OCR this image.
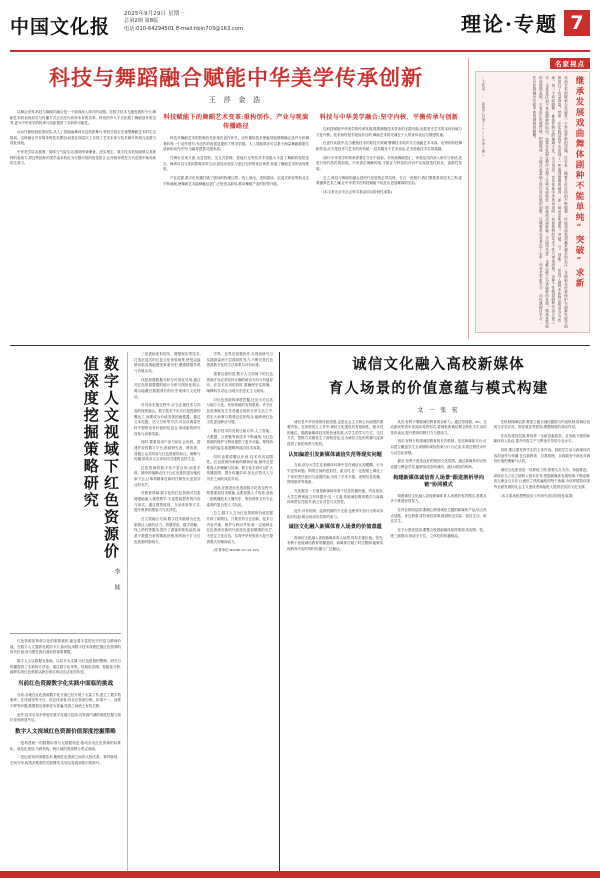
中国文化报
2025年9月29日 星期一
总第2期 第8版
电话:010-64294501 E-mail:hbin703@163.com	理论·专题 7
科技与舞蹈融合赋能中华美学传承创新
王 莎 金 浩

以舞会世界,科技与舞蹈的融合是一个值得深入探讨的话题。在数字技术飞速发展的今天,舞蹈艺术的表现形式与传播方式正在经历前所未有的变革。科技的介入不仅拓展了舞蹈创作的边界,更为中华美学的传承与创新提供了全新的可能性。

从动作捕捉到虚拟现实,从人工智能编舞到全息投影舞台,科技手段正在重塑舞蹈艺术的生态格局。这种融合并非简单的技术叠加,而是在深层次上实现了艺术本体与技术媒介的相互渗透与彼此成就。

中华美学讲求意境、韵味与气韵生动,强调形神兼备、虚实相生。数字技术恰恰能够以其独特的表现力,将这些抽象的美学追求转化为可感可知的视觉语言,让传统审美在当代语境中焕发新的生命力。

科技赋能下的舞蹈艺术变革:重构创作、产业与观演传播路径

科技对舞蹈艺术的影响首先体现在创作环节。动作捕捉技术使编导能够精确记录并分析舞者的每一个动作细节,为动作的再创造提供了科学依据。人工智能算法可以基于海量舞蹈数据生成新的动作序列,为编导提供灵感来源。

在舞台呈现方面,全息投影、交互式影像、智能灯光等技术手段极大丰富了舞蹈的视觉语言。舞者可以与虚拟影像实时互动,创造出现实与虚幻交织的奇幻场景,拓展了舞蹈艺术的表现维度。

产业层面,数字化传播打破了剧场的物理边界。线上演出、虚拟剧场、沉浸式体验等新业态不断涌现,使舞蹈艺术能够触达更广泛的受众群体,推动舞蹈产业的转型升级。

科技与中华美学融合:坚守内核、平衡传承与创新

以科技赋能中华美学的传承发展,既要拥抱技术带来的无限可能,也要坚守艺术的本体价值与文化内核。技术始终是手段而非目的,舞蹈艺术的灵魂在于人的身体表达与情感传递。

在创作实践中,应当避免技术的炫技式堆砌,警惕技术喧宾夺主遮蔽艺术本真。优秀的科技舞蹈作品,应当是技术与艺术的有机统一,技术服务于艺术表达,艺术借助技术实现超越。

同时,中华美学的传承需要在守正中创新。对传统舞蹈语汇、审美范式的深入研究与体悟,是进行现代转化的前提。只有真正理解传统,才能在与科技的对话中实现创造性转化、创新性发展。

总之,科技与舞蹈的融合是时代发展的必然趋势。在这一进程中,我们既要善用技术之利,更要涵养艺术之魂,让中华美学在科技赋能下绽放出更加璀璨的光彩。

(本文系北京市社会科学基金项目阶段性成果)

名家视点
继承发展戏曲舞体剧种不能单纯“突破”求新
戏曲艺术的继承与发展是一个常说常新的话题。近年来,随着文化自信的不断增强,传统戏曲受到越来越多的关注,各剧种在传承保护与创新发展方面都进行了有益探索。然而,在实践过程中也出现了一些值得警惕的倾向,即一味追求所谓的“突破”与“创新”,忽视了剧种本体特征的坚守与传承。每一个戏曲剧种,都是在特定的地域文化、方言语音、音乐体系中孕育形成的,有着独特的艺术个性与审美品格。这种个性既是剧种安身立命之本,也是其区别于其他剧种的标识。如果在发展过程中丢掉了这些本质特征,即便形式再新颖、手段再先进,也难以称之为该剧种的发展。继承是发展的前提和基础。只有真正吃透传统、把握规律,才能在此基础上进行有价值的创新。这就要求从业者沉下心来,向老艺术家学习,向经典剧目学习,在反复的舞台实践中体悟剧种的精髓。
(王松瑶 | 新闻中心记者2025年第3期)
数字人文视域下红色资源价值深度挖掘策略研究
李 妹

红色资源是革命文化的重要载体,蕴含着丰富的历史信息与精神价值。在数字人文蓬勃发展的今天,如何运用数字技术深度挖掘红色资源的时代价值,成为摆在我们面前的重要课题。

数字人文以数据为基础、以技术为支撑,为红色资源的整理、研究与传播提供了全新的方法论。通过数字化采集、结构化存储、智能化分析,能够实现红色资源从静态保存到动态活化的转变。

当前红色资源数字化实践中面临的挑战

当前,各地在红色资源数字化方面已经开展了大量工作,建立了数字档案库、在线展馆等平台。但总体来看,仍存在资源分散、标准不一、深度不够等问题,数据孤岛现象较为普遍,资源之间缺乏有机关联。

此外,技术应用多停留在数字化展示层面,对资源内涵的深度挖掘与知识发现尚显不足。

数字人文视域红色资源价值深度挖掘策略

一是构建统一的数据标准与元数据规范,推动各类红色资源的标准化、规范化建设,为跨机构、跨区域的资源整合奠定基础。

二是运用知识图谱技术,梳理红色资源之间的人物关系、事件脉络、空间分布,构建多维度的关联网络,实现从资源到知识的跃升。

三是借助虚拟现实、增强现实等技术,打造沉浸式的红色文化体验场景,使受众能够身临其境地感受革命历史,增强情感共鸣与价值认同。

四是加强数据分析与可视化呈现,通过对红色资源数据的统计分析与图形化展示,揭示隐藏在数据背后的历史规律与文化特征。

在具体实施过程中,应当注重技术与内容的深度融合。数字技术不应仅仅是资源的搬运工,而要成为价值发现的助推器。通过文本挖掘、语义分析等方法,可以从海量史料中提炼出有价值的信息点,形成新的研究视角与叙事线索。

同时,要重视用户参与和社会协同。搭建开放的数字平台,鼓励研究者、教育者、普通公众共同参与红色资源的标注、阐释与传播,形成多元主体协同共建的良好生态。

红色资源的数字化不是目的,而是手段。最终的落脚点在于让红色基因更好地传承下去,让革命精神在新时代焕发出更加夺目的光芒。

在教育领域,数字化的红色资源可以更便捷地融入课堂教学,丰富思政教育的内容与形式。通过情景再现、互动体验等方式,提升教育的感染力与实效性。

在文旅融合方面,数字技术能够为红色旅游注入新的活力。智慧导览、数字讲解、线上预约等服务,提升了游客的体验品质;而基于数据分析的精准营销,则有助于扩大红色旅游的影响力。

学界、业界应加强协作,在理论研究与实践探索两个层面同时发力,不断完善红色资源数字化的方法体系与评价标准。

需要注意的是,数字人文视域下的红色资源开发必须坚持正确的政治方向与价值导向。在技术应用的同时,要确保史实准确、阐释科学,防止出现历史虚无主义倾向。

对红色资源的深度挖掘,还应当关注其与地方文化、民俗传统的有机联系。许多红色故事就发生在普通百姓的日常生活之中,将宏大叙事与微观记忆相结合,能够使红色文化更加鲜活可感。

数字技术的发展日新月异,人工智能、大数据、区块链等新技术不断涌现,为红色资源的保护与利用提供了更多可能。要保持开放的姿态,积极吸纳前沿技术成果。

同时也要清醒认识到,技术有其局限性。红色资源所承载的精神价值,最终还是要靠人的理解与传承。数字化手段可以扩大传播范围、提升传播效率,但无法替代人与历史之间的深层对话。

因此,在推进红色资源数字化的过程中,既要重视技术赋能,也要加强人才培养,造就一批既懂技术又懂历史、既有情怀又有专业素养的复合型人才队伍。

总之,数字人文为红色资源的价值挖掘开辟了新路径。只要坚持守正创新、技术与内容并重、保护与利用并举,就一定能够让红色资源在新时代绽放出更加璀璨的光芒,为坚定文化自信、实现中华民族伟大复兴提供强大的精神动力。

(作者单位:HSNBJ-ZC123-195)

诚信文化融入高校新媒体
育人场景的价值意蕴与模式构建
文 一 张 宏

诚信是中华民族的传统美德,也是社会主义核心价值观的重要内容。在高校育人工作中,诚信文化建设具有基础性、根本性的地位。随着新媒体技术的快速发展,大学生的学习方式、交往方式、思维方式都发生了深刻变化,这为诚信文化的传播与浸润提供了新的场景与契机。

认知偏差引发新媒体诚信失范等现实问题

当前,部分大学生在新媒体环境中存在诚信认知模糊、行为失范等问题。网络空间的虚拟性、匿名性,在一定程度上弱化了个体的责任意识与道德约束,出现了学术不端、虚假信息传播、网络欺诈等现象。

究其原因,一方面是新媒体环境下信息传播快速、内容庞杂,大学生辨别能力有待提升;另一方面,传统诚信教育模式与新媒体场景存在脱节,缺乏针对性与实效性。

此外,评价机制、监督机制的不完善,也使得失信行为的成本相对较低,难以形成有效的约束力。

诚信文化融入新媒体育人场景的价值意蕴

将诚信文化融入高校新媒体育人场景,具有多重价值。首先,有利于拓展诚信教育的覆盖面。新媒体打破了时空限制,能够实现教育内容的即时传播与广泛触达。

其次,有利于增强诚信教育的亲和力。通过短视频、H5、互动游戏等青年喜闻乐见的形式,将抽象的诚信理念转化为生动的具体表达,提升教育的吸引力与感染力。

再次,有利于构建诚信教育的长效机制。依托新媒体平台,可以建立覆盖学生全周期的诚信档案与行为记录,实现过程性评价与动态化管理。

最后,有利于营造良好的校园文化氛围。通过新媒体的议程设置与舆论引导,能够形成崇尚诚信、践行诚信的风尚。

构建新媒体诚信育人场景“跟进剖析导向链”协同模式

构建诚信文化融入高校新媒体育人场景的有效模式,需要从多个维度协同发力。

在内容供给层面,要精心策划诚信主题的新媒体产品,结合热点话题、身边典型,讲好诚信故事,做到贴近实际、贴近生活、贴近学生。

在平台建设层面,要整合校园新媒体矩阵资源,实现校、院、班三级联动,形成全方位、立体化的传播格局。

在机制保障层面,要建立健全诚信激励与约束机制,将诚信表现与评奖评优、推荐就业等挂钩,增强制度的导向作用。

在队伍建设层面,要培养一支政治素质高、业务能力强的新媒体育人队伍,提升内容生产与舆论引导的专业水平。

同时,要注重发挥学生的主体作用。鼓励学生参与新媒体内容的创作与传播,在自我教育、自我管理、自我服务中深化对诚信价值的理解与认同。

诚信文化建设是一项系统工程,需要久久为功、持续推进。高校应当立足立德树人根本任务,把握新媒体发展规律,不断创新育人理念与方法,让诚信之风吹遍校园每个角落,为培养德智体美劳全面发展的社会主义建设者和接班人提供坚实的文化支撑。

(本文系高校思想政治工作研究项目阶段性成果)
